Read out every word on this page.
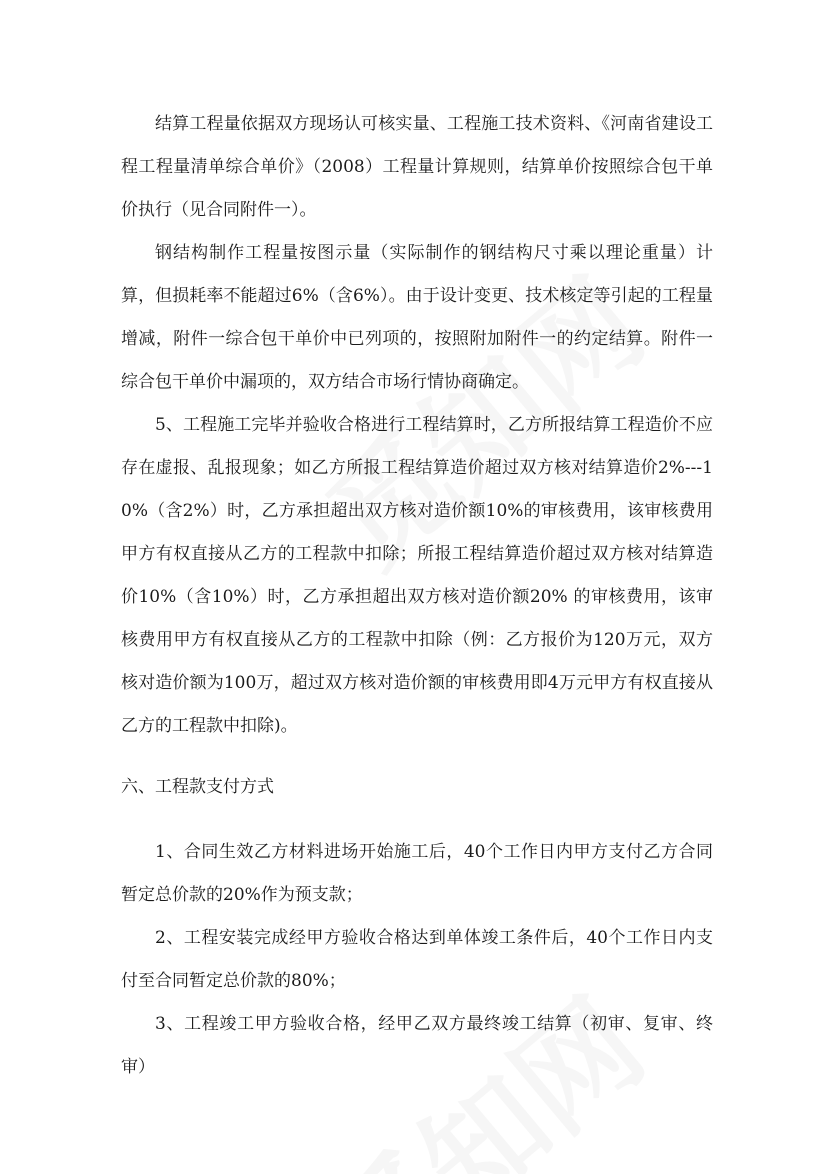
结算工程量依据双方现场认可核实量、工程施工技术资料、《河南省建设工程工程量清单综合单价》（2008）工程量计算规则，结算单价按照综合包干单价执行（见合同附件一）。

钢结构制作工程量按图示量（实际制作的钢结构尺寸乘以理论重量）计算，但损耗率不能超过6%（含6%）。由于设计变更、技术核定等引起的工程量增减，附件一综合包干单价中已列项的，按照附加附件一的约定结算。附件一综合包干单价中漏项的，双方结合市场行情协商确定。

5、工程施工完毕并验收合格进行工程结算时，乙方所报结算工程造价不应存在虚报、乱报现象；如乙方所报工程结算造价超过双方核对结算造价2%---10%（含2%）时，乙方承担超出双方核对造价额10%的审核费用，该审核费用甲方有权直接从乙方的工程款中扣除；所报工程结算造价超过双方核对结算造价10%（含10%）时，乙方承担超出双方核对造价额20% 的审核费用，该审核费用甲方有权直接从乙方的工程款中扣除（例：乙方报价为120万元，双方核对造价额为100万，超过双方核对造价额的审核费用即4万元甲方有权直接从乙方的工程款中扣除)。

六、工程款支付方式

1、合同生效乙方材料进场开始施工后，40个工作日内甲方支付乙方合同暂定总价款的20%作为预支款；

2、工程安装完成经甲方验收合格达到单体竣工条件后，40个工作日内支付至合同暂定总价款的80%；

3、工程竣工甲方验收合格，经甲乙双方最终竣工结算（初审、复审、终审）
